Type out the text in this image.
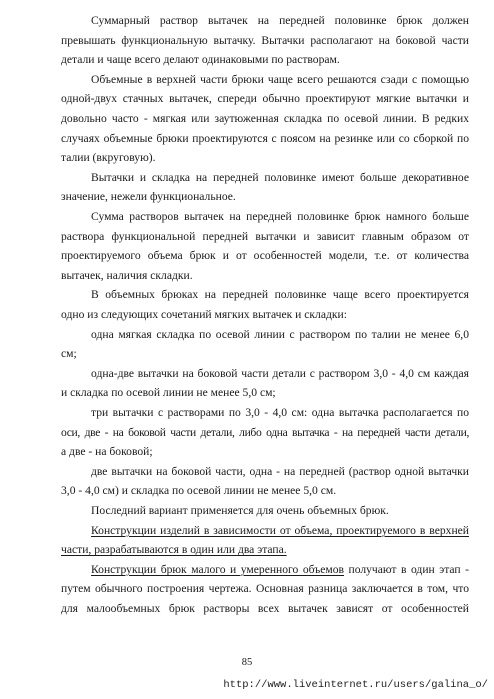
Суммарный раствор вытачек на передней половинке брюк должен
превышать функциональную вытачку. Вытачки располагают на боковой части
детали и чаще всего делают одинаковыми по растворам.
Объемные в верхней части брюки чаще всего решаются сзади с помощью
одной-двух стачных вытачек, спереди обычно проектируют мягкие вытачки и
довольно часто - мягкая или заутюженная складка по осевой линии. В редких
случаях объемные брюки проектируются с поясом на резинке или со сборкой по
талии (вкруговую).
Вытачки и складка на передней половинке имеют больше декоративное
значение, нежели функциональное.
Сумма растворов вытачек на передней половинке брюк намного больше
раствора функциональной передней вытачки и зависит главным образом от
проектируемого объема брюк и от особенностей модели, т.е. от количества
вытачек, наличия складки.
В объемных брюках на передней половинке чаще всего проектируется
одно из следующих сочетаний мягких вытачек и складки:
одна мягкая складка по осевой линии с раствором по талии не менее 6,0
см;
одна-две вытачки на боковой части детали с раствором 3,0 - 4,0 см каждая
и складка по осевой линии не менее 5,0 см;
три вытачки с растворами по 3,0 - 4,0 см: одна вытачка располагается по
оси, две - на боковой части детали, либо одна вытачка - на передней части детали,
а две - на боковой;
две вытачки на боковой части, одна - на передней (раствор одной вытачки
3,0 - 4,0 см) и складка по осевой линии не менее 5,0 см.
Последний вариант применяется для очень объемных брюк.
Конструкции изделий в зависимости от объема, проектируемого в верхней
части, разрабатываются в один или два этапа.
Конструкции брюк малого и умеренного объемов получают в один этап -
путем обычного построения чертежа. Основная разница заключается в том, что
для малообъемных брюк растворы всех вытачек зависят от особенностей
85
http://www.liveinternet.ru/users/galina_o/
